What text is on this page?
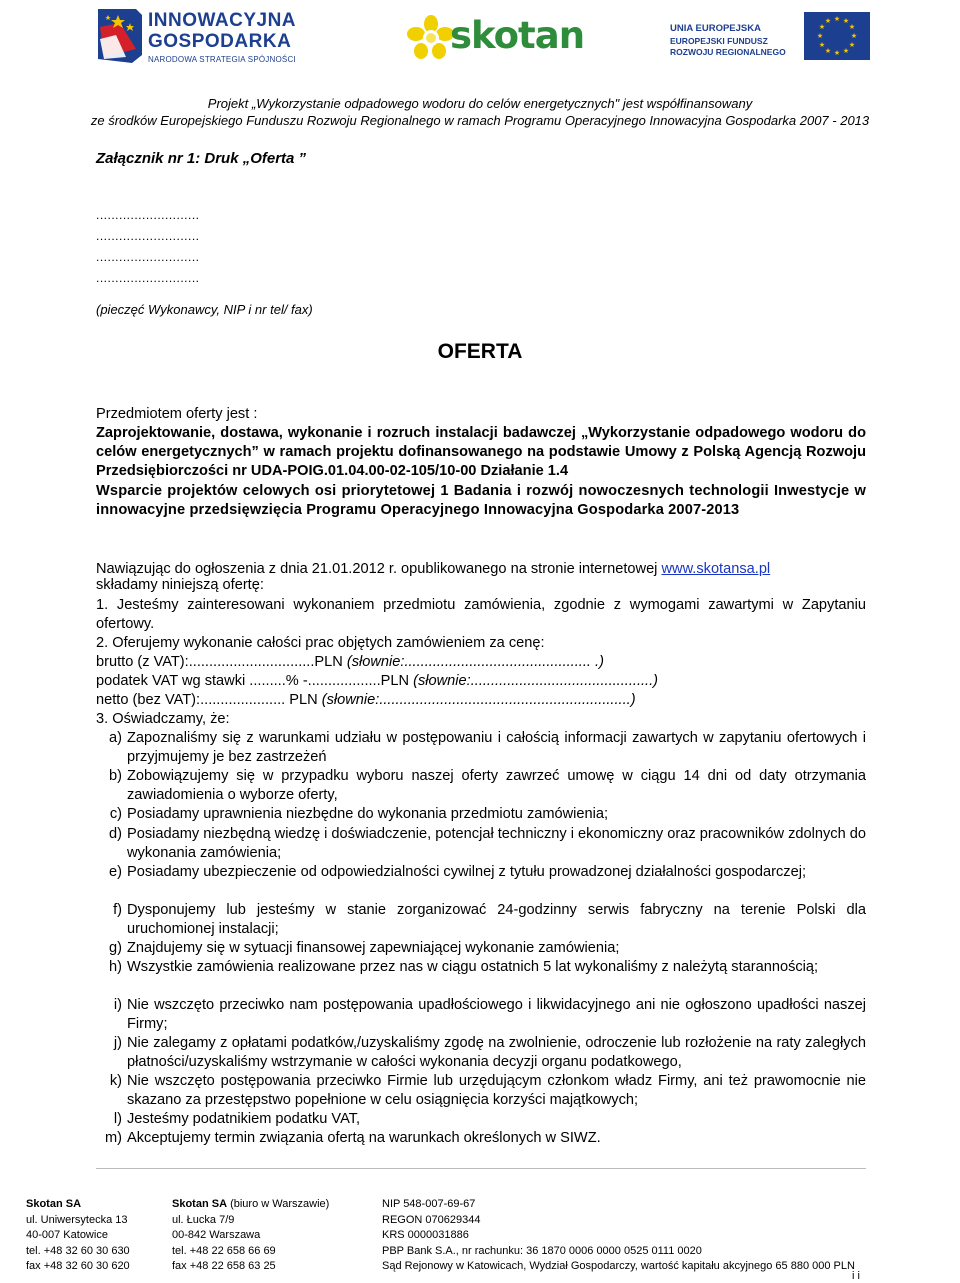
INNOWACYJNA
GOSPODARKA
NARODOWA STRATEGIA SPÓJNOŚCI
skotan	UNIA EUROPEJSKA
EUROPEJSKI FUNDUSZ
ROZWOJU REGIONALNEGO
★ ★
★
★
★
★
★
★
★
★
★
★
Projekt „Wykorzystanie odpadowego wodoru do celów energetycznych" jest współfinansowany
ze środków Europejskiego Funduszu Rozwoju Regionalnego w ramach Programu Operacyjnego Innowacyjna Gospodarka 2007 - 2013
Załącznik nr 1: Druk „Oferta ”
...........................
...........................
...........................
...........................
(pieczęć Wykonawcy, NIP i nr tel/ fax)
OFERTA
Przedmiotem oferty jest :
Zaprojektowanie, dostawa, wykonanie i rozruch instalacji badawczej „Wykorzystanie odpadowego wodoru do celów energetycznych” w ramach projektu dofinansowanego na podstawie Umowy z Polską Agencją Rozwoju Przedsiębiorczości nr UDA-POIG.01.04.00-02-105/10-00 Działanie 1.4
Wsparcie projektów celowych osi priorytetowej 1 Badania i rozwój nowoczesnych technologii Inwestycje w innowacyjne przedsięwzięcia Programu Operacyjnego Innowacyjna Gospodarka 2007-2013
Nawiązując do ogłoszenia z dnia 21.01.2012 r. opublikowanego na stronie internetowej www.skotansa.pl
składamy niniejszą ofertę:
1. Jesteśmy zainteresowani wykonaniem przedmiotu zamówienia, zgodnie z wymogami zawartymi w Zapytaniu ofertowy.
2. Oferujemy wykonanie całości prac objętych zamówieniem za cenę:
brutto (z VAT):...............................PLN (słownie:.............................................. .)
podatek VAT wg stawki .........% -..................PLN (słownie:.............................................)
netto (bez VAT):..................... PLN (słownie:..............................................................)
3. Oświadczamy, że:
a) Zapoznaliśmy się z warunkami udziału w postępowaniu i całością informacji zawartych w zapytaniu ofertowych i przyjmujemy je bez zastrzeżeń
b) Zobowiązujemy się w przypadku wyboru naszej oferty zawrzeć umowę w ciągu 14 dni od daty otrzymania zawiadomienia o wyborze oferty,
c) Posiadamy uprawnienia niezbędne do wykonania przedmiotu zamówienia;
d) Posiadamy niezbędną wiedzę i doświadczenie, potencjał techniczny i ekonomiczny oraz pracowników zdolnych do wykonania zamówienia;
e) Posiadamy ubezpieczenie od odpowiedzialności cywilnej z tytułu prowadzonej działalności gospodarczej;
f) Dysponujemy lub jesteśmy w stanie zorganizować 24-godzinny serwis fabryczny na terenie Polski dla uruchomionej instalacji;
g) Znajdujemy się w sytuacji finansowej zapewniającej wykonanie zamówienia;
h) Wszystkie zamówienia realizowane przez nas w ciągu ostatnich 5 lat wykonaliśmy z należytą starannością;
i) Nie wszczęto przeciwko nam postępowania upadłościowego i likwidacyjnego ani nie ogłoszono upadłości naszej Firmy;
j) Nie zalegamy z opłatami podatków,/uzyskaliśmy zgodę na zwolnienie, odroczenie lub rozłożenie na raty zaległych płatności/uzyskaliśmy wstrzymanie w całości wykonania decyzji organu podatkowego,
k) Nie wszczęto postępowania przeciwko Firmie lub urzędującym członkom władz Firmy, ani też prawomocnie nie skazano za przestępstwo popełnione w celu osiągnięcia korzyści majątkowych;
l) Jesteśmy podatnikiem podatku VAT,
m) Akceptujemy termin związania ofertą na warunkach określonych w SIWZ.
Skotan SA
ul. Uniwersytecka 13
40-007 Katowice
tel. +48 32 60 30 630
fax +48 32 60 30 620
Skotan SA (biuro w Warszawie)
ul. Łucka 7/9
00-842 Warszawa
tel. +48 22 658 66 69
fax +48 22 658 63 25
NIP 548-007-69-67
REGON 070629344
KRS 0000031886
PBP Bank S.A., nr rachunku: 36 1870 0006 0000 0525 0111 0020
Sąd Rejonowy w Katowicach, Wydział Gospodarczy, wartość kapitału akcyjnego 65 880 000 PLN
i i
